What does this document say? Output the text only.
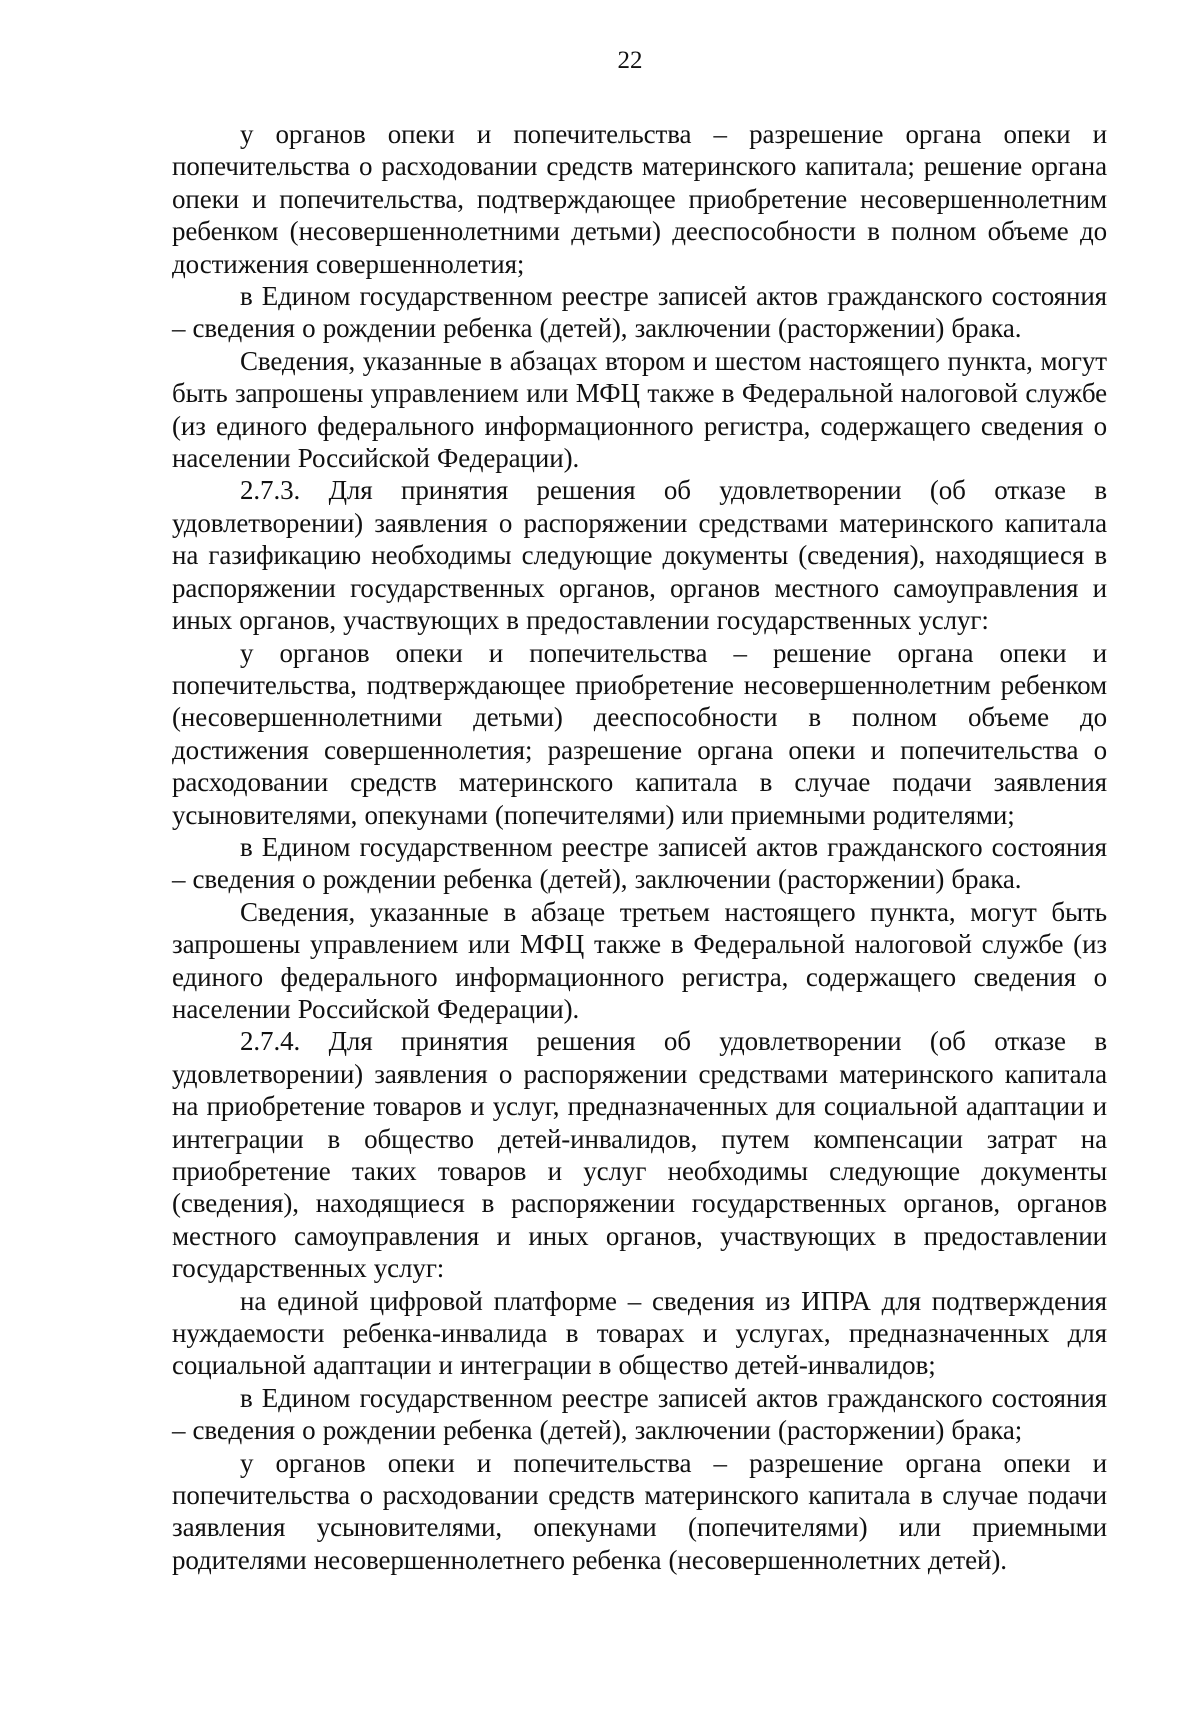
22

у органов опеки и попечительства – разрешение органа опеки и попечительства о расходовании средств материнского капитала; решение органа опеки и попечительства, подтверждающее приобретение несовершеннолетним ребенком (несовершеннолетними детьми) дееспособности в полном объеме до достижения совершеннолетия;

в Едином государственном реестре записей актов гражданского состояния – сведения о рождении ребенка (детей), заключении (расторжении) брака.

Сведения, указанные в абзацах втором и шестом настоящего пункта, могут быть запрошены управлением или МФЦ также в Федеральной налоговой службе (из единого федерального информационного регистра, содержащего сведения о населении Российской Федерации).

2.7.3. Для принятия решения об удовлетворении (об отказе в удовлетворении) заявления о распоряжении средствами материнского капитала на газификацию необходимы следующие документы (сведения), находящиеся в распоряжении государственных органов, органов местного самоуправления и иных органов, участвующих в предоставлении государственных услуг:

у органов опеки и попечительства – решение органа опеки и попечительства, подтверждающее приобретение несовершеннолетним ребенком (несовершеннолетними детьми) дееспособности в полном объеме до достижения совершеннолетия; разрешение органа опеки и попечительства о расходовании средств материнского капитала в случае подачи заявления усыновителями, опекунами (попечителями) или приемными родителями;

в Едином государственном реестре записей актов гражданского состояния – сведения о рождении ребенка (детей), заключении (расторжении) брака.

Сведения, указанные в абзаце третьем настоящего пункта, могут быть запрошены управлением или МФЦ также в Федеральной налоговой службе (из единого федерального информационного регистра, содержащего сведения о населении Российской Федерации).

2.7.4. Для принятия решения об удовлетворении (об отказе в удовлетворении) заявления о распоряжении средствами материнского капитала на приобретение товаров и услуг, предназначенных для социальной адаптации и интеграции в общество детей-инвалидов, путем компенсации затрат на приобретение таких товаров и услуг необходимы следующие документы (сведения), находящиеся в распоряжении государственных органов, органов местного самоуправления и иных органов, участвующих в предоставлении государственных услуг:

на единой цифровой платформе – сведения из ИПРА для подтверждения нуждаемости ребенка-инвалида в товарах и услугах, предназначенных для социальной адаптации и интеграции в общество детей-инвалидов;

в Едином государственном реестре записей актов гражданского состояния – сведения о рождении ребенка (детей), заключении (расторжении) брака;

у органов опеки и попечительства – разрешение органа опеки и попечительства о расходовании средств материнского капитала в случае подачи заявления усыновителями, опекунами (попечителями) или приемными родителями несовершеннолетнего ребенка (несовершеннолетних детей).
